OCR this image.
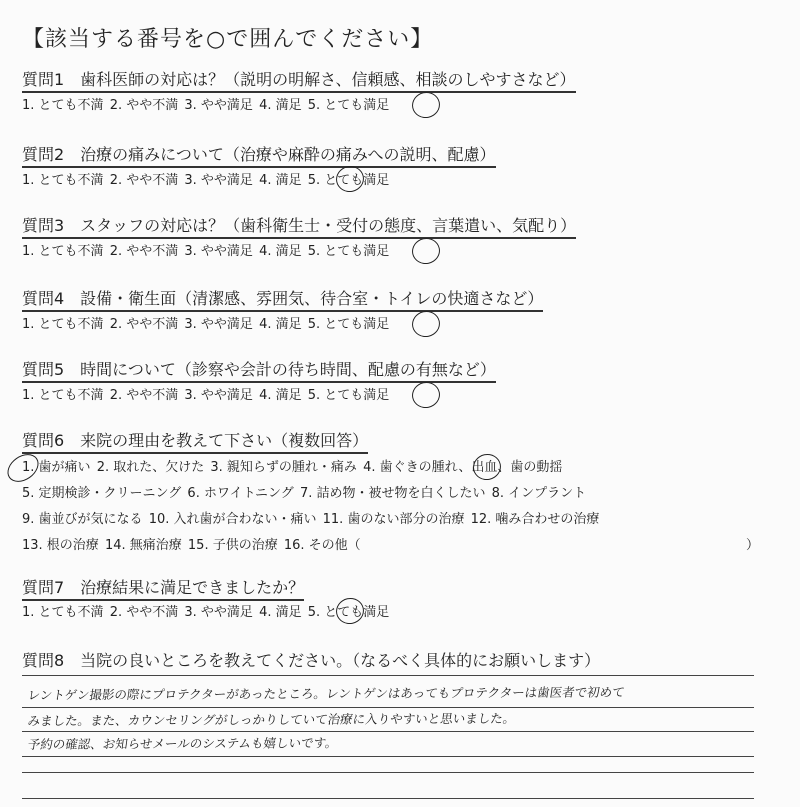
【該当する番号を○で囲んでください】
質問1　歯科医師の対応は？（説明の明解さ、信頼感、相談のしやすさなど）
1. とても不満 2. やや不満 3. やや満足 4. 満足 5. とても満足
質問2　治療の痛みについて（治療や麻酔の痛みへの説明、配慮）
1. とても不満 2. やや不満 3. やや満足 4. 満足 5. とても満足
質問3　スタッフの対応は？（歯科衛生士・受付の態度、言葉遣い、気配り）
1. とても不満 2. やや不満 3. やや満足 4. 満足 5. とても満足
質問4　設備・衛生面（清潔感、雰囲気、待合室・トイレの快適さなど）
1. とても不満 2. やや不満 3. やや満足 4. 満足 5. とても満足
質問5　時間について（診察や会計の待ち時間、配慮の有無など）
1. とても不満 2. やや不満 3. やや満足 4. 満足 5. とても満足
質問6　来院の理由を教えて下さい（複数回答）
1. 歯が痛い 2. 取れた、欠けた 3. 親知らずの腫れ・痛み 4. 歯ぐきの腫れ、出血、歯の動揺
5. 定期検診・クリーニング 6. ホワイトニング 7. 詰め物・被せ物を白くしたい 8. インプラント
9. 歯並びが気になる 10. 入れ歯が合わない・痛い 11. 歯のない部分の治療 12. 噛み合わせの治療
13. 根の治療 14. 無痛治療 15. 子供の治療 16. その他（	）
質問7　治療結果に満足できましたか？
1. とても不満 2. やや不満 3. やや満足 4. 満足 5. とても満足
質問8　当院の良いところを教えてください。（なるべく具体的にお願いします）
レントゲン撮影の際にプロテクターがあったところ。レントゲンはあってもプロテクターは歯医者で初めて
みました。また、カウンセリングがしっかりしていて治療に入りやすいと思いました。
予約の確認、お知らせメールのシステムも嬉しいです。
